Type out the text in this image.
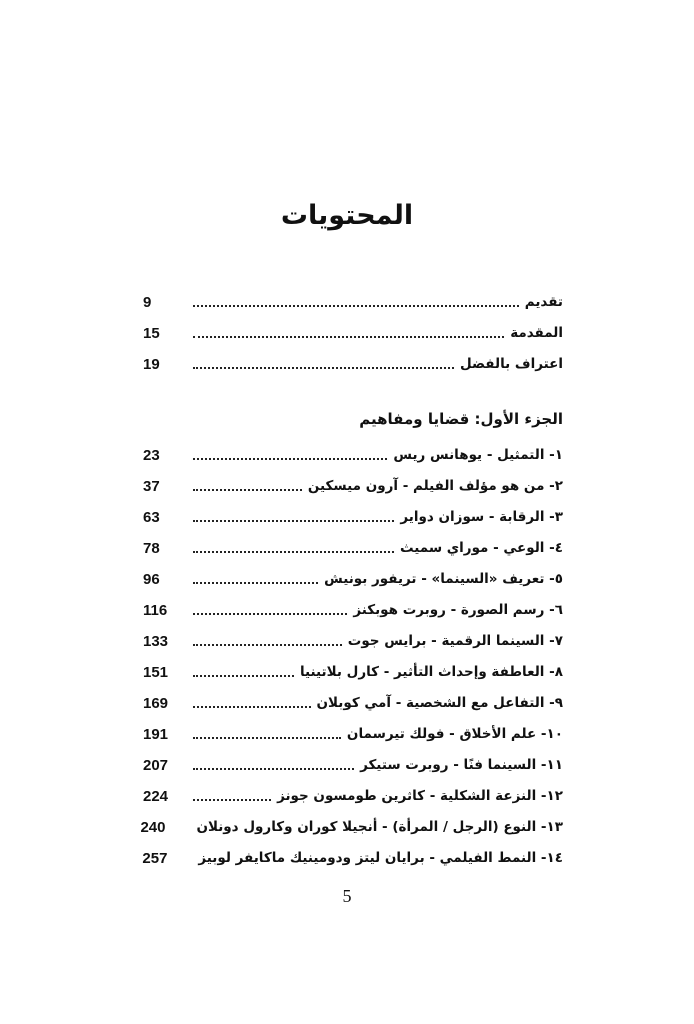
المحتويات
تقديم
9
المقدمة
15
اعتراف بالفضل
19
الجزء الأول: قضايا ومفاهيم
١- التمثيل - يوهانس ريس
23
٢- من هو مؤلف الفيلم - آرون ميسكين
37
٣- الرقابة - سوزان دواير
63
٤- الوعي - موراي سميث
78
٥- تعريف «السينما» - تريفور بونيش
96
٦- رسم الصورة - روبرت هوبكنز
116
٧- السينما الرقمية - برايس جوت
133
٨- العاطفة وإحداث التأثير - كارل بلاتينيا
151
٩- التفاعل مع الشخصية - آمي كوبلان
169
١٠- علم الأخلاق - فولك تيرسمان
191
١١- السينما فنًا - روبرت ستيكر
207
١٢- النزعة الشكلية - كاثرين طومسون جونز
224
١٣- النوع (الرجل / المرأة) - أنجيلا كوران وكارول دونلان
240
١٤- النمط الفيلمي - برايان ليتز ودومينيك ماكايفر لوبيز
257
5
